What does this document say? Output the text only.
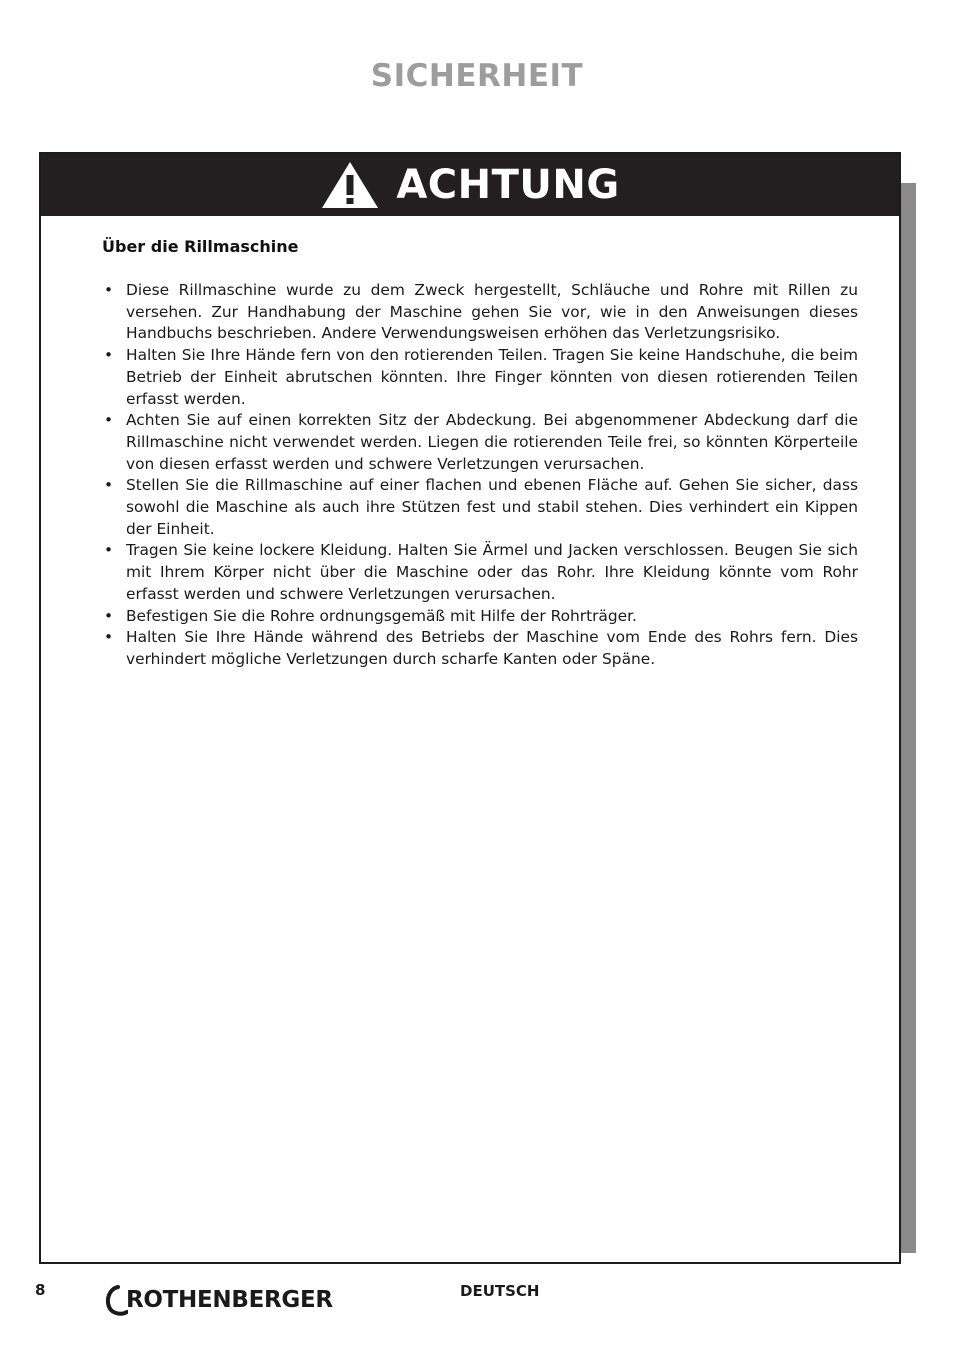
SICHERHEIT
ACHTUNG
Über die Rillmaschine
• Diese Rillmaschine wurde zu dem Zweck hergestellt, Schläuche und Rohre mit Rillen zu versehen. Zur Handhabung der Maschine gehen Sie vor, wie in den Anweisungen dieses Handbuchs beschrieben. Andere Verwendungsweisen erhöhen das Verletzungsrisiko.
• Halten Sie Ihre Hände fern von den rotierenden Teilen. Tragen Sie keine Handschuhe, die beim Betrieb der Einheit abrutschen könnten. Ihre Finger könnten von diesen rotierenden Teilen erfasst werden.
• Achten Sie auf einen korrekten Sitz der Abdeckung. Bei abgenommener Abdeckung darf die Rillmaschine nicht verwendet werden. Liegen die rotierenden Teile frei, so könnten Körperteile von diesen erfasst werden und schwere Verletzungen verursachen.
• Stellen Sie die Rillmaschine auf einer flachen und ebenen Fläche auf. Gehen Sie sicher, dass sowohl die Maschine als auch ihre Stützen fest und stabil stehen. Dies verhindert ein Kippen der Einheit.
• Tragen Sie keine lockere Kleidung. Halten Sie Ärmel und Jacken verschlossen. Beugen Sie sich mit Ihrem Körper nicht über die Maschine oder das Rohr. Ihre Kleidung könnte vom Rohr erfasst werden und schwere Verletzungen verursachen.
• Befestigen Sie die Rohre ordnungsgemäß mit Hilfe der Rohrträger.
• Halten Sie Ihre Hände während des Betriebs der Maschine vom Ende des Rohrs fern. Dies verhindert mögliche Verletzungen durch scharfe Kanten oder Späne.
8	ROTHENBERGER	DEUTSCH
